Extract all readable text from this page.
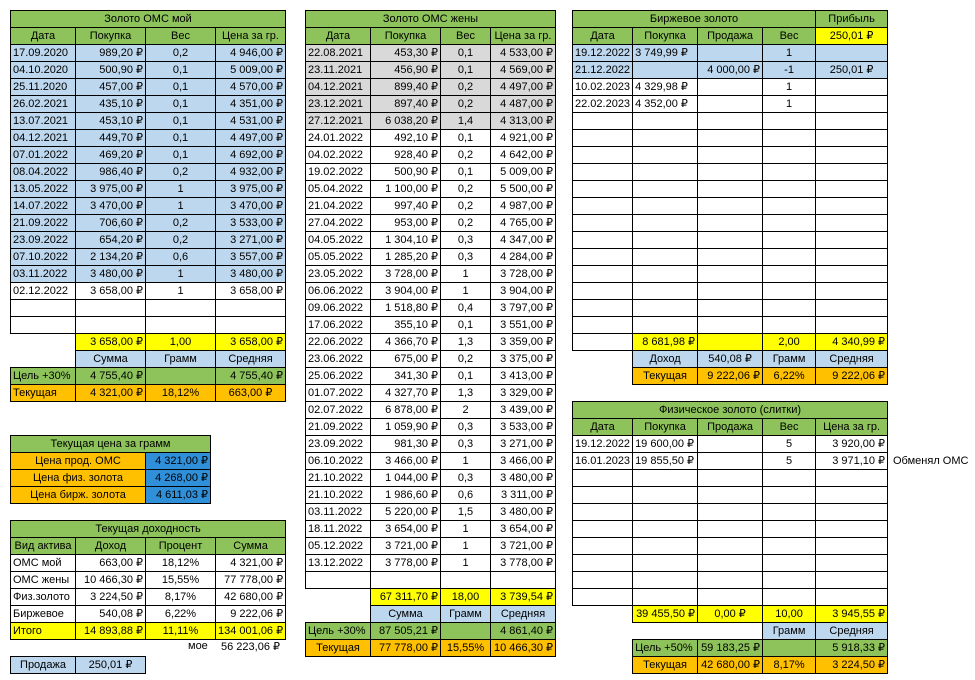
Золото ОМС мой			
Дата	Покупка	Вес	Цена за гр.
17.09.2020	989,20 ₽	0,2	4 946,00 ₽
04.10.2020	500,90 ₽	0,1	5 009,00 ₽
25.11.2020	457,00 ₽	0,1	4 570,00 ₽
26.02.2021	435,10 ₽	0,1	4 351,00 ₽
13.07.2021	453,10 ₽	0,1	4 531,00 ₽
04.12.2021	449,70 ₽	0,1	4 497,00 ₽
07.01.2022	469,20 ₽	0,1	4 692,00 ₽
08.04.2022	986,40 ₽	0,2	4 932,00 ₽
13.05.2022	3 975,00 ₽	1	3 975,00 ₽
14.07.2022	3 470,00 ₽	1	3 470,00 ₽
21.09.2022	706,60 ₽	0,2	3 533,00 ₽
23.09.2022	654,20 ₽	0,2	3 271,00 ₽
07.10.2022	2 134,20 ₽	0,6	3 557,00 ₽
03.11.2022	3 480,00 ₽	1	3 480,00 ₽
02.12.2022	3 658,00 ₽	1	3 658,00 ₽

	3 658,00 ₽	1,00	3 658,00 ₽
	Сумма	Грамм	Средняя
Цель +30%	4 755,40 ₽		4 755,40 ₽
Текущая	4 321,00 ₽	18,12%	663,00 ₽
Текущая цена за грамм	
Цена прод. ОМС	4 321,00 ₽
Цена физ. золота	4 268,00 ₽
Цена бирж. золота	4 611,03 ₽
Текущая доходность			
Вид актива	Доход	Процент	Сумма
ОМС мой	663,00 ₽	18,12%	4 321,00 ₽
ОМС жены	10 466,30 ₽	15,55%	77 778,00 ₽
Физ.золото	3 224,50 ₽	8,17%	42 680,00 ₽
Биржевое	540,08 ₽	6,22%	9 222,06 ₽
Итого	14 893,88 ₽	11,11%	134 001,06 ₽
мое	56 223,06 ₽
Продажа	250,01 ₽
Золото ОМС жены			
Дата	Покупка	Вес	Цена за гр.
22.08.2021	453,30 ₽	0,1	4 533,00 ₽
23.11.2021	456,90 ₽	0,1	4 569,00 ₽
04.12.2021	899,40 ₽	0,2	4 497,00 ₽
23.12.2021	897,40 ₽	0,2	4 487,00 ₽
27.12.2021	6 038,20 ₽	1,4	4 313,00 ₽
24.01.2022	492,10 ₽	0,1	4 921,00 ₽
04.02.2022	928,40 ₽	0,2	4 642,00 ₽
19.02.2022	500,90 ₽	0,1	5 009,00 ₽
05.04.2022	1 100,00 ₽	0,2	5 500,00 ₽
21.04.2022	997,40 ₽	0,2	4 987,00 ₽
27.04.2022	953,00 ₽	0,2	4 765,00 ₽
04.05.2022	1 304,10 ₽	0,3	4 347,00 ₽
05.05.2022	1 285,20 ₽	0,3	4 284,00 ₽
23.05.2022	3 728,00 ₽	1	3 728,00 ₽
06.06.2022	3 904,00 ₽	1	3 904,00 ₽
09.06.2022	1 518,80 ₽	0,4	3 797,00 ₽
17.06.2022	355,10 ₽	0,1	3 551,00 ₽
22.06.2022	4 366,70 ₽	1,3	3 359,00 ₽
23.06.2022	675,00 ₽	0,2	3 375,00 ₽
25.06.2022	341,30 ₽	0,1	3 413,00 ₽
01.07.2022	4 327,70 ₽	1,3	3 329,00 ₽
02.07.2022	6 878,00 ₽	2	3 439,00 ₽
21.09.2022	1 059,90 ₽	0,3	3 533,00 ₽
23.09.2022	981,30 ₽	0,3	3 271,00 ₽
06.10.2022	3 466,00 ₽	1	3 466,00 ₽
21.10.2022	1 044,00 ₽	0,3	3 480,00 ₽
21.10.2022	1 986,60 ₽	0,6	3 311,00 ₽
03.11.2022	5 220,00 ₽	1,5	3 480,00 ₽
18.11.2022	3 654,00 ₽	1	3 654,00 ₽
05.12.2022	3 721,00 ₽	1	3 721,00 ₽
13.12.2022	3 778,00 ₽	1	3 778,00 ₽

	67 311,70 ₽	18,00	3 739,54 ₽
	Сумма	Грамм	Средняя
Цель +30%	87 505,21 ₽		4 861,40 ₽
Текущая	77 778,00 ₽	15,55%	10 466,30 ₽
Биржевое золото				Прибыль
Дата	Покупка	Продажа	Вес	250,01 ₽
19.12.2022	3 749,99 ₽		1	
21.12.2022		4 000,00 ₽	-1	250,01 ₽
10.02.2023	4 329,98 ₽		1	
22.02.2023	4 352,00 ₽		1	

	8 681,98 ₽		2,00	4 340,99 ₽
	Доход	540,08 ₽	Грамм	Средняя
	Текущая	9 222,06 ₽	6,22%	9 222,06 ₽
Физическое золото (слитки)				
Дата	Покупка	Продажа	Вес	Цена за гр.
19.12.2022	19 600,00 ₽		5	3 920,00 ₽
16.01.2023	19 855,50 ₽		5	3 971,10 ₽

	39 455,50 ₽	0,00 ₽	10,00	3 945,55 ₽
			Грамм	Средняя
	Цель +50%	59 183,25 ₽		5 918,33 ₽
	Текущая	42 680,00 ₽	8,17%	3 224,50 ₽
Обменял ОМС
